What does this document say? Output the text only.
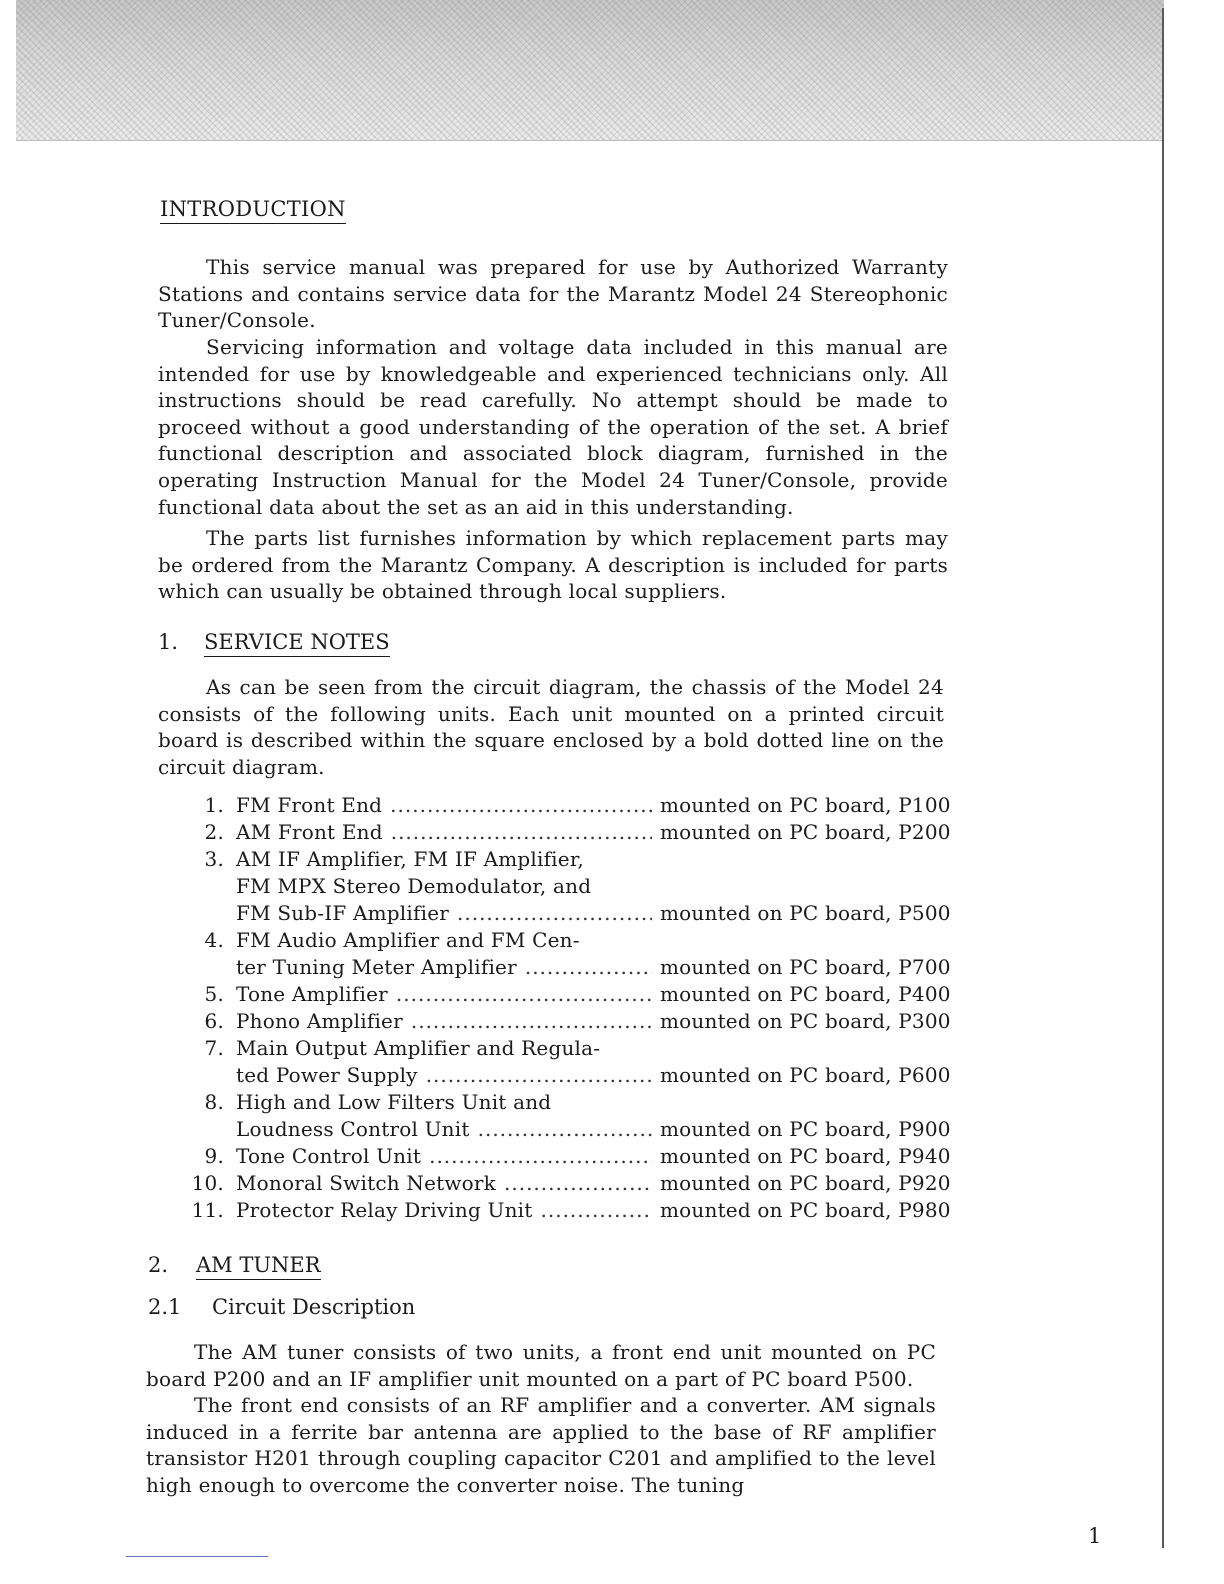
INTRODUCTION

This service manual was prepared for use by Authorized Warranty Stations and contains service data for the Marantz Model 24 Stereophonic Tuner/Console.

Servicing information and voltage data included in this manual are intended for use by knowledgeable and experienced technicians only. All instructions should be read carefully. No attempt should be made to proceed without a good understanding of the operation of the set. A brief functional description and associated block diagram, furnished in the operating Instruction Manual for the Model 24 Tuner/Console, provide functional data about the set as an aid in this understanding.

The parts list furnishes information by which replacement parts may be ordered from the Marantz Company. A description is included for parts which can usually be obtained through local suppliers.

1. SERVICE NOTES

As can be seen from the circuit diagram, the chassis of the Model 24 consists of the following units. Each unit mounted on a printed circuit board is described within the square enclosed by a bold dotted line on the circuit diagram.

1. FM Front End .....	mounted on PC board, P100
2. AM Front End .....	mounted on PC board, P200
3. AM IF Amplifier, FM IF Amplifier,
FM MPX Stereo Demodulator, and
FM Sub-IF Amplifier .....	mounted on PC board, P500
4. FM Audio Amplifier and FM Cen-
ter Tuning Meter Amplifier .....	mounted on PC board, P700
5. Tone Amplifier .....	mounted on PC board, P400
6. Phono Amplifier .....	mounted on PC board, P300
7. Main Output Amplifier and Regula-
ted Power Supply .....	mounted on PC board, P600
8. High and Low Filters Unit and
Loudness Control Unit .....	mounted on PC board, P900
9. Tone Control Unit .....	mounted on PC board, P940
10. Monoral Switch Network .....	mounted on PC board, P920
11. Protector Relay Driving Unit .....	mounted on PC board, P980
2. AM TUNER
2.1 Circuit Description

The AM tuner consists of two units, a front end unit mounted on PC board P200 and an IF amplifier unit mounted on a part of PC board P500.

The front end consists of an RF amplifier and a converter. AM signals induced in a ferrite bar antenna are applied to the base of RF amplifier transistor H201 through coupling capacitor C201 and amplified to the level high enough to overcome the converter noise. The tuning

1
